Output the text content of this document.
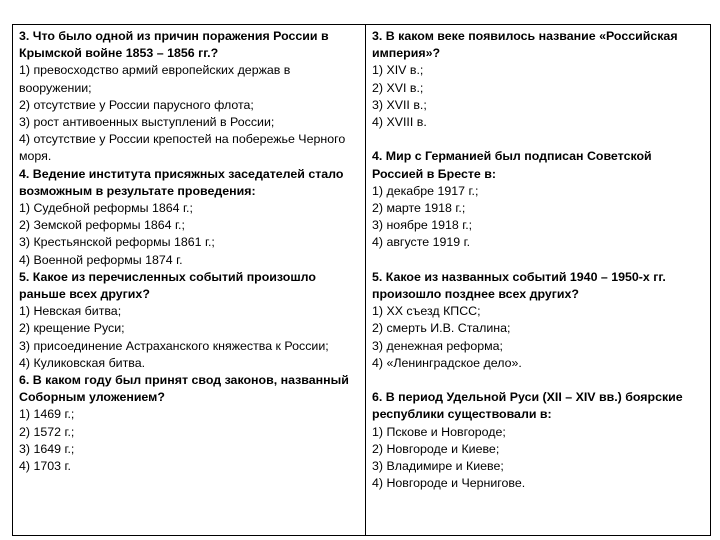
3. Что было одной из причин поражения России в Крымской войне 1853 – 1856 гг.?

1) превосходство армий европейских держав в вооружении;

2) отсутствие у России парусного флота;

3) рост антивоенных выступлений в России;

4) отсутствие у России крепостей на побережье Черного моря.

4. Ведение института присяжных заседателей стало возможным в результате проведения:

1) Судебной реформы 1864 г.;

2) Земской реформы 1864 г.;

3) Крестьянской реформы 1861 г.;

4) Военной реформы 1874 г.

5. Какое из перечисленных событий произошло раньше всех других?

1) Невская битва;

2) крещение Руси;

3) присоединение Астраханского княжества к России;

4) Куликовская битва.

6. В каком году был принят свод законов, названный Соборным уложением?

1) 1469 г.;

2) 1572 г.;

3) 1649 г.;

4) 1703 г.

3. В каком веке появилось название «Российская империя»?

1) XIV в.;

2) XVI в.;

3) XVII в.;

4) XVIII в.

4. Мир с Германией был подписан Советской Россией в Бресте в:

1) декабре 1917 г.;

2) марте 1918 г.;

3) ноябре 1918 г.;

4) августе 1919 г.

5. Какое из названных событий 1940 – 1950-х гг. произошло позднее всех других?

1) XX съезд КПСС;

2) смерть И.В. Сталина;

3) денежная реформа;

4) «Ленинградское дело».

6. В период Удельной Руси (XII – XIV вв.) боярские республики существовали в:

1) Пскове и Новгороде;

2) Новгороде и Киеве;

3) Владимире и Киеве;

4) Новгороде и Чернигове.
